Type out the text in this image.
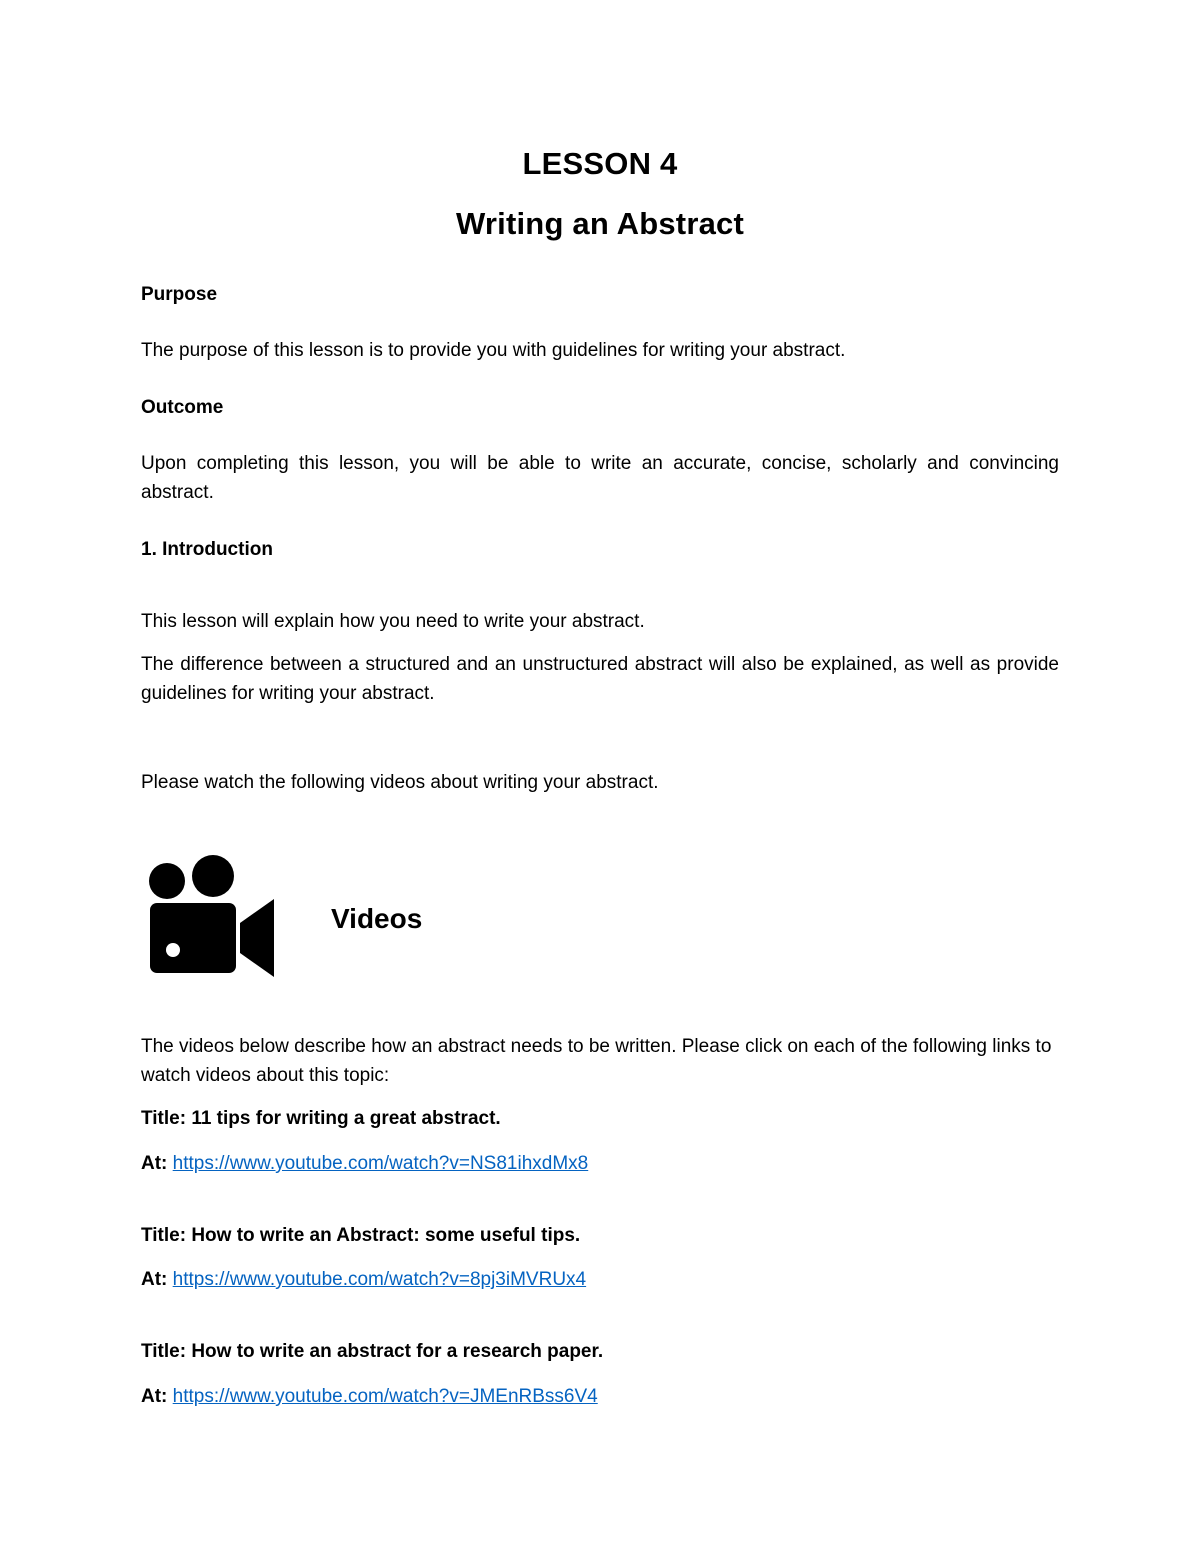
LESSON 4
Writing an Abstract

Purpose

The purpose of this lesson is to provide you with guidelines for writing your abstract.

Outcome

Upon completing this lesson, you will be able to write an accurate, concise, scholarly and convincing abstract.

1. Introduction

This lesson will explain how you need to write your abstract.

The difference between a structured and an unstructured abstract will also be explained, as well as provide guidelines for writing your abstract.

Please watch the following videos about writing your abstract.

Videos

The videos below describe how an abstract needs to be written. Please click on each of the following links to watch videos about this topic:

Title: 11 tips for writing a great abstract.

At: https://www.youtube.com/watch?v=NS81ihxdMx8

Title: How to write an Abstract: some useful tips.

At: https://www.youtube.com/watch?v=8pj3iMVRUx4

Title: How to write an abstract for a research paper.

At: https://www.youtube.com/watch?v=JMEnRBss6V4
